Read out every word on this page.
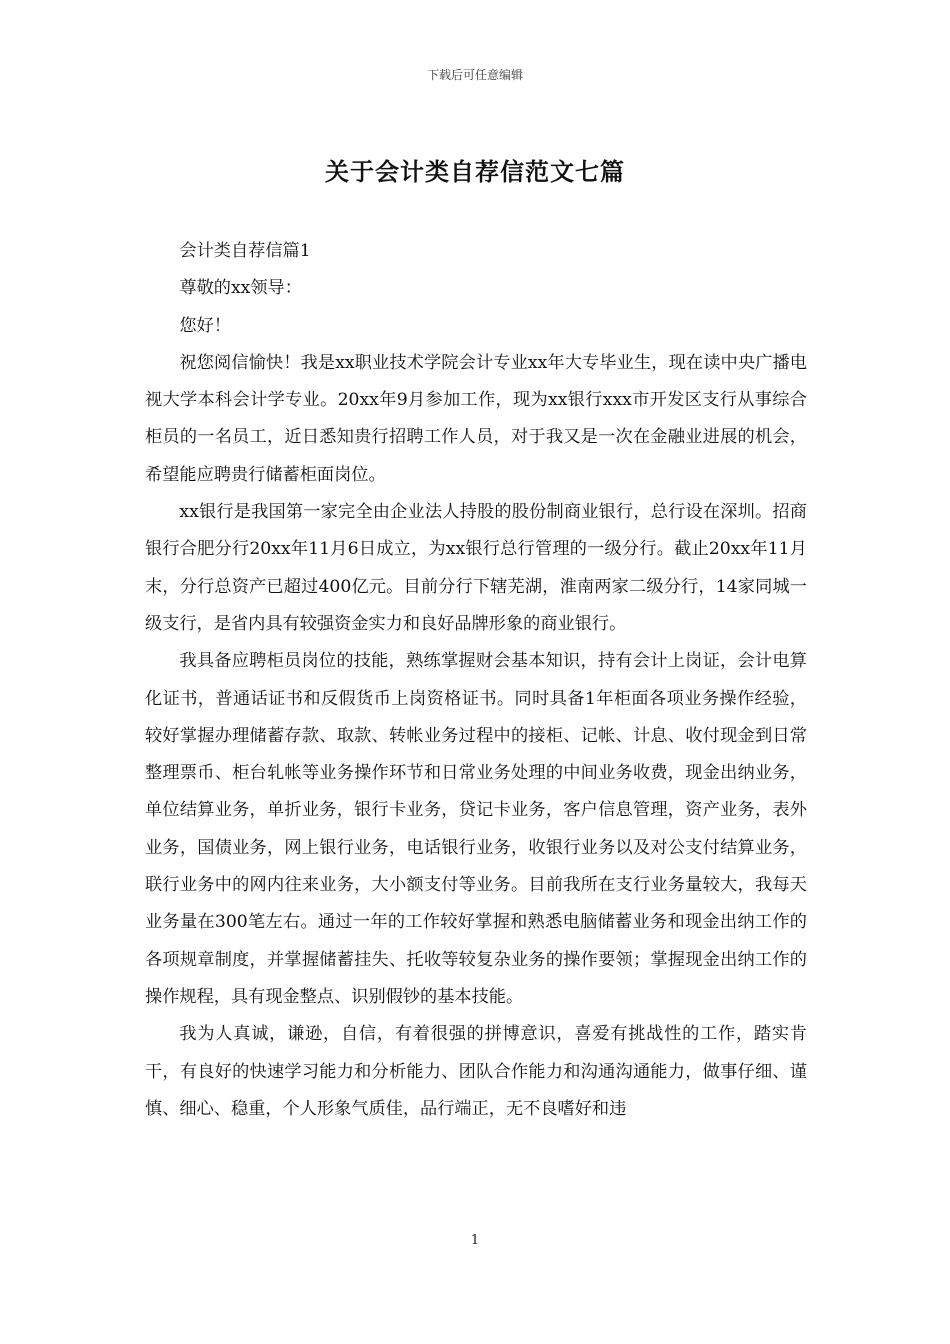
下载后可任意编辑
关于会计类自荐信范文七篇

会计类自荐信篇1

尊敬的xx领导：

您好！

祝您阅信愉快！我是xx职业技术学院会计专业xx年大专毕业生，现在读中央广播电视大学本科会计学专业。20xx年9月参加工作，现为xx银行xxx市开发区支行从事综合柜员的一名员工，近日悉知贵行招聘工作人员，对于我又是一次在金融业进展的机会，希望能应聘贵行储蓄柜面岗位。

xx银行是我国第一家完全由企业法人持股的股份制商业银行，总行设在深圳。招商银行合肥分行20xx年11月6日成立，为xx银行总行管理的一级分行。截止20xx年11月末，分行总资产已超过400亿元。目前分行下辖芜湖，淮南两家二级分行，14家同城一级支行，是省内具有较强资金实力和良好品牌形象的商业银行。

我具备应聘柜员岗位的技能，熟练掌握财会基本知识，持有会计上岗证，会计电算化证书，普通话证书和反假货币上岗资格证书。同时具备1年柜面各项业务操作经验，较好掌握办理储蓄存款、取款、转帐业务过程中的接柜、记帐、计息、收付现金到日常整理票币、柜台轧帐等业务操作环节和日常业务处理的中间业务收费，现金出纳业务，单位结算业务，单折业务，银行卡业务，贷记卡业务，客户信息管理，资产业务，表外业务，国债业务，网上银行业务，电话银行业务，收银行业务以及对公支付结算业务，联行业务中的网内往来业务，大小额支付等业务。目前我所在支行业务量较大，我每天业务量在300笔左右。通过一年的工作较好掌握和熟悉电脑储蓄业务和现金出纳工作的各项规章制度，并掌握储蓄挂失、托收等较复杂业务的操作要领；掌握现金出纳工作的操作规程，具有现金整点、识别假钞的基本技能。

我为人真诚，谦逊，自信，有着很强的拼博意识，喜爱有挑战性的工作，踏实肯干，有良好的快速学习能力和分析能力、团队合作能力和沟通沟通能力，做事仔细、谨慎、细心、稳重，个人形象气质佳，品行端正，无不良嗜好和违

1
